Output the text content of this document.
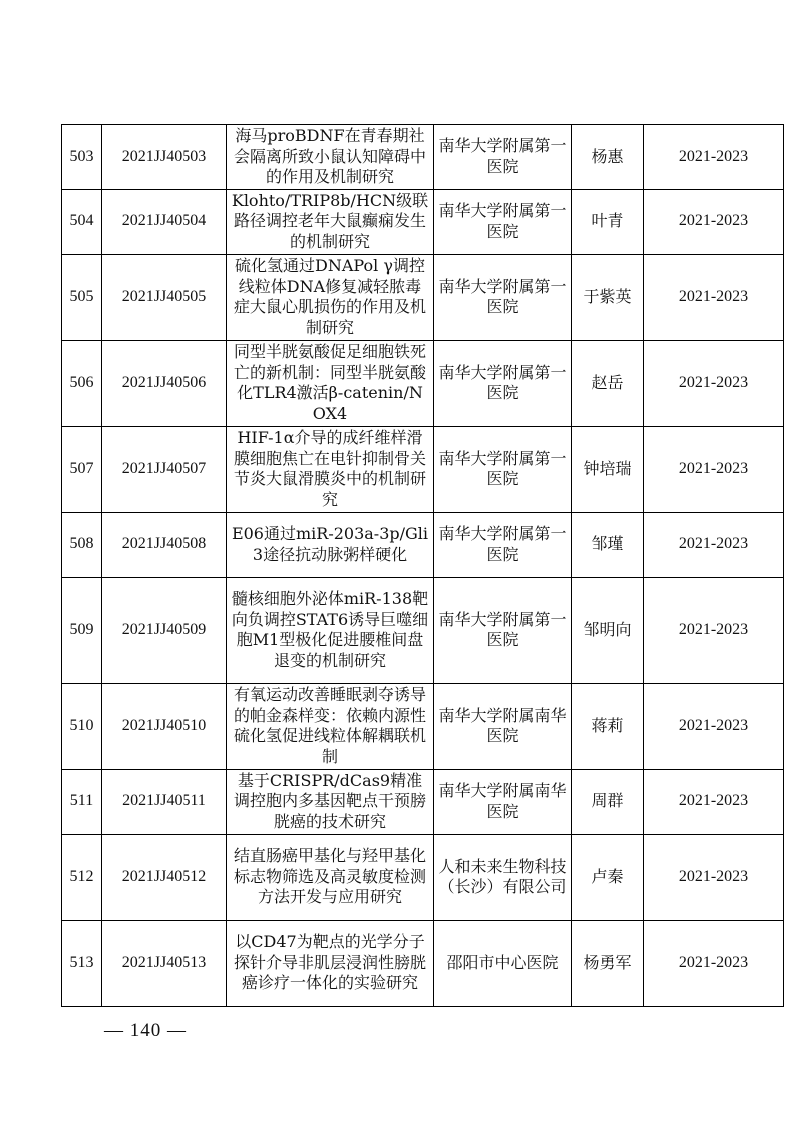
503	2021JJ40503	海马proBDNF在青春期社会隔离所致小鼠认知障碍中的作用及机制研究	南华大学附属第一医院	杨惠	2021-2023
504	2021JJ40504	Klohto/TRIP8b/HCN级联路径调控老年大鼠癫痫发生的机制研究	南华大学附属第一医院	叶青	2021-2023
505	2021JJ40505	硫化氢通过DNAPol γ调控线粒体DNA修复减轻脓毒症大鼠心肌损伤的作用及机制研究	南华大学附属第一医院	于紫英	2021-2023
506	2021JJ40506	同型半胱氨酸促足细胞铁死亡的新机制：同型半胱氨酸化TLR4激活β-catenin/NOX4	南华大学附属第一医院	赵岳	2021-2023
507	2021JJ40507	HIF-1α介导的成纤维样滑膜细胞焦亡在电针抑制骨关节炎大鼠滑膜炎中的机制研究	南华大学附属第一医院	钟培瑞	2021-2023
508	2021JJ40508	E06通过miR-203a-3p/Gli3途径抗动脉粥样硬化	南华大学附属第一医院	邹瑾	2021-2023
509	2021JJ40509	髓核细胞外泌体miR-138靶向负调控STAT6诱导巨噬细胞M1型极化促进腰椎间盘退变的机制研究	南华大学附属第一医院	邹明向	2021-2023
510	2021JJ40510	有氧运动改善睡眠剥夺诱导的帕金森样变：依赖内源性硫化氢促进线粒体解耦联机制	南华大学附属南华医院	蒋莉	2021-2023
511	2021JJ40511	基于CRISPR/dCas9精准调控胞内多基因靶点干预膀胱癌的技术研究	南华大学附属南华医院	周群	2021-2023
512	2021JJ40512	结直肠癌甲基化与羟甲基化标志物筛选及高灵敏度检测方法开发与应用研究	人和未来生物科技（长沙）有限公司	卢秦	2021-2023
513	2021JJ40513	以CD47为靶点的光学分子探针介导非肌层浸润性膀胱癌诊疗一体化的实验研究	邵阳市中心医院	杨勇军	2021-2023
— 140 —
